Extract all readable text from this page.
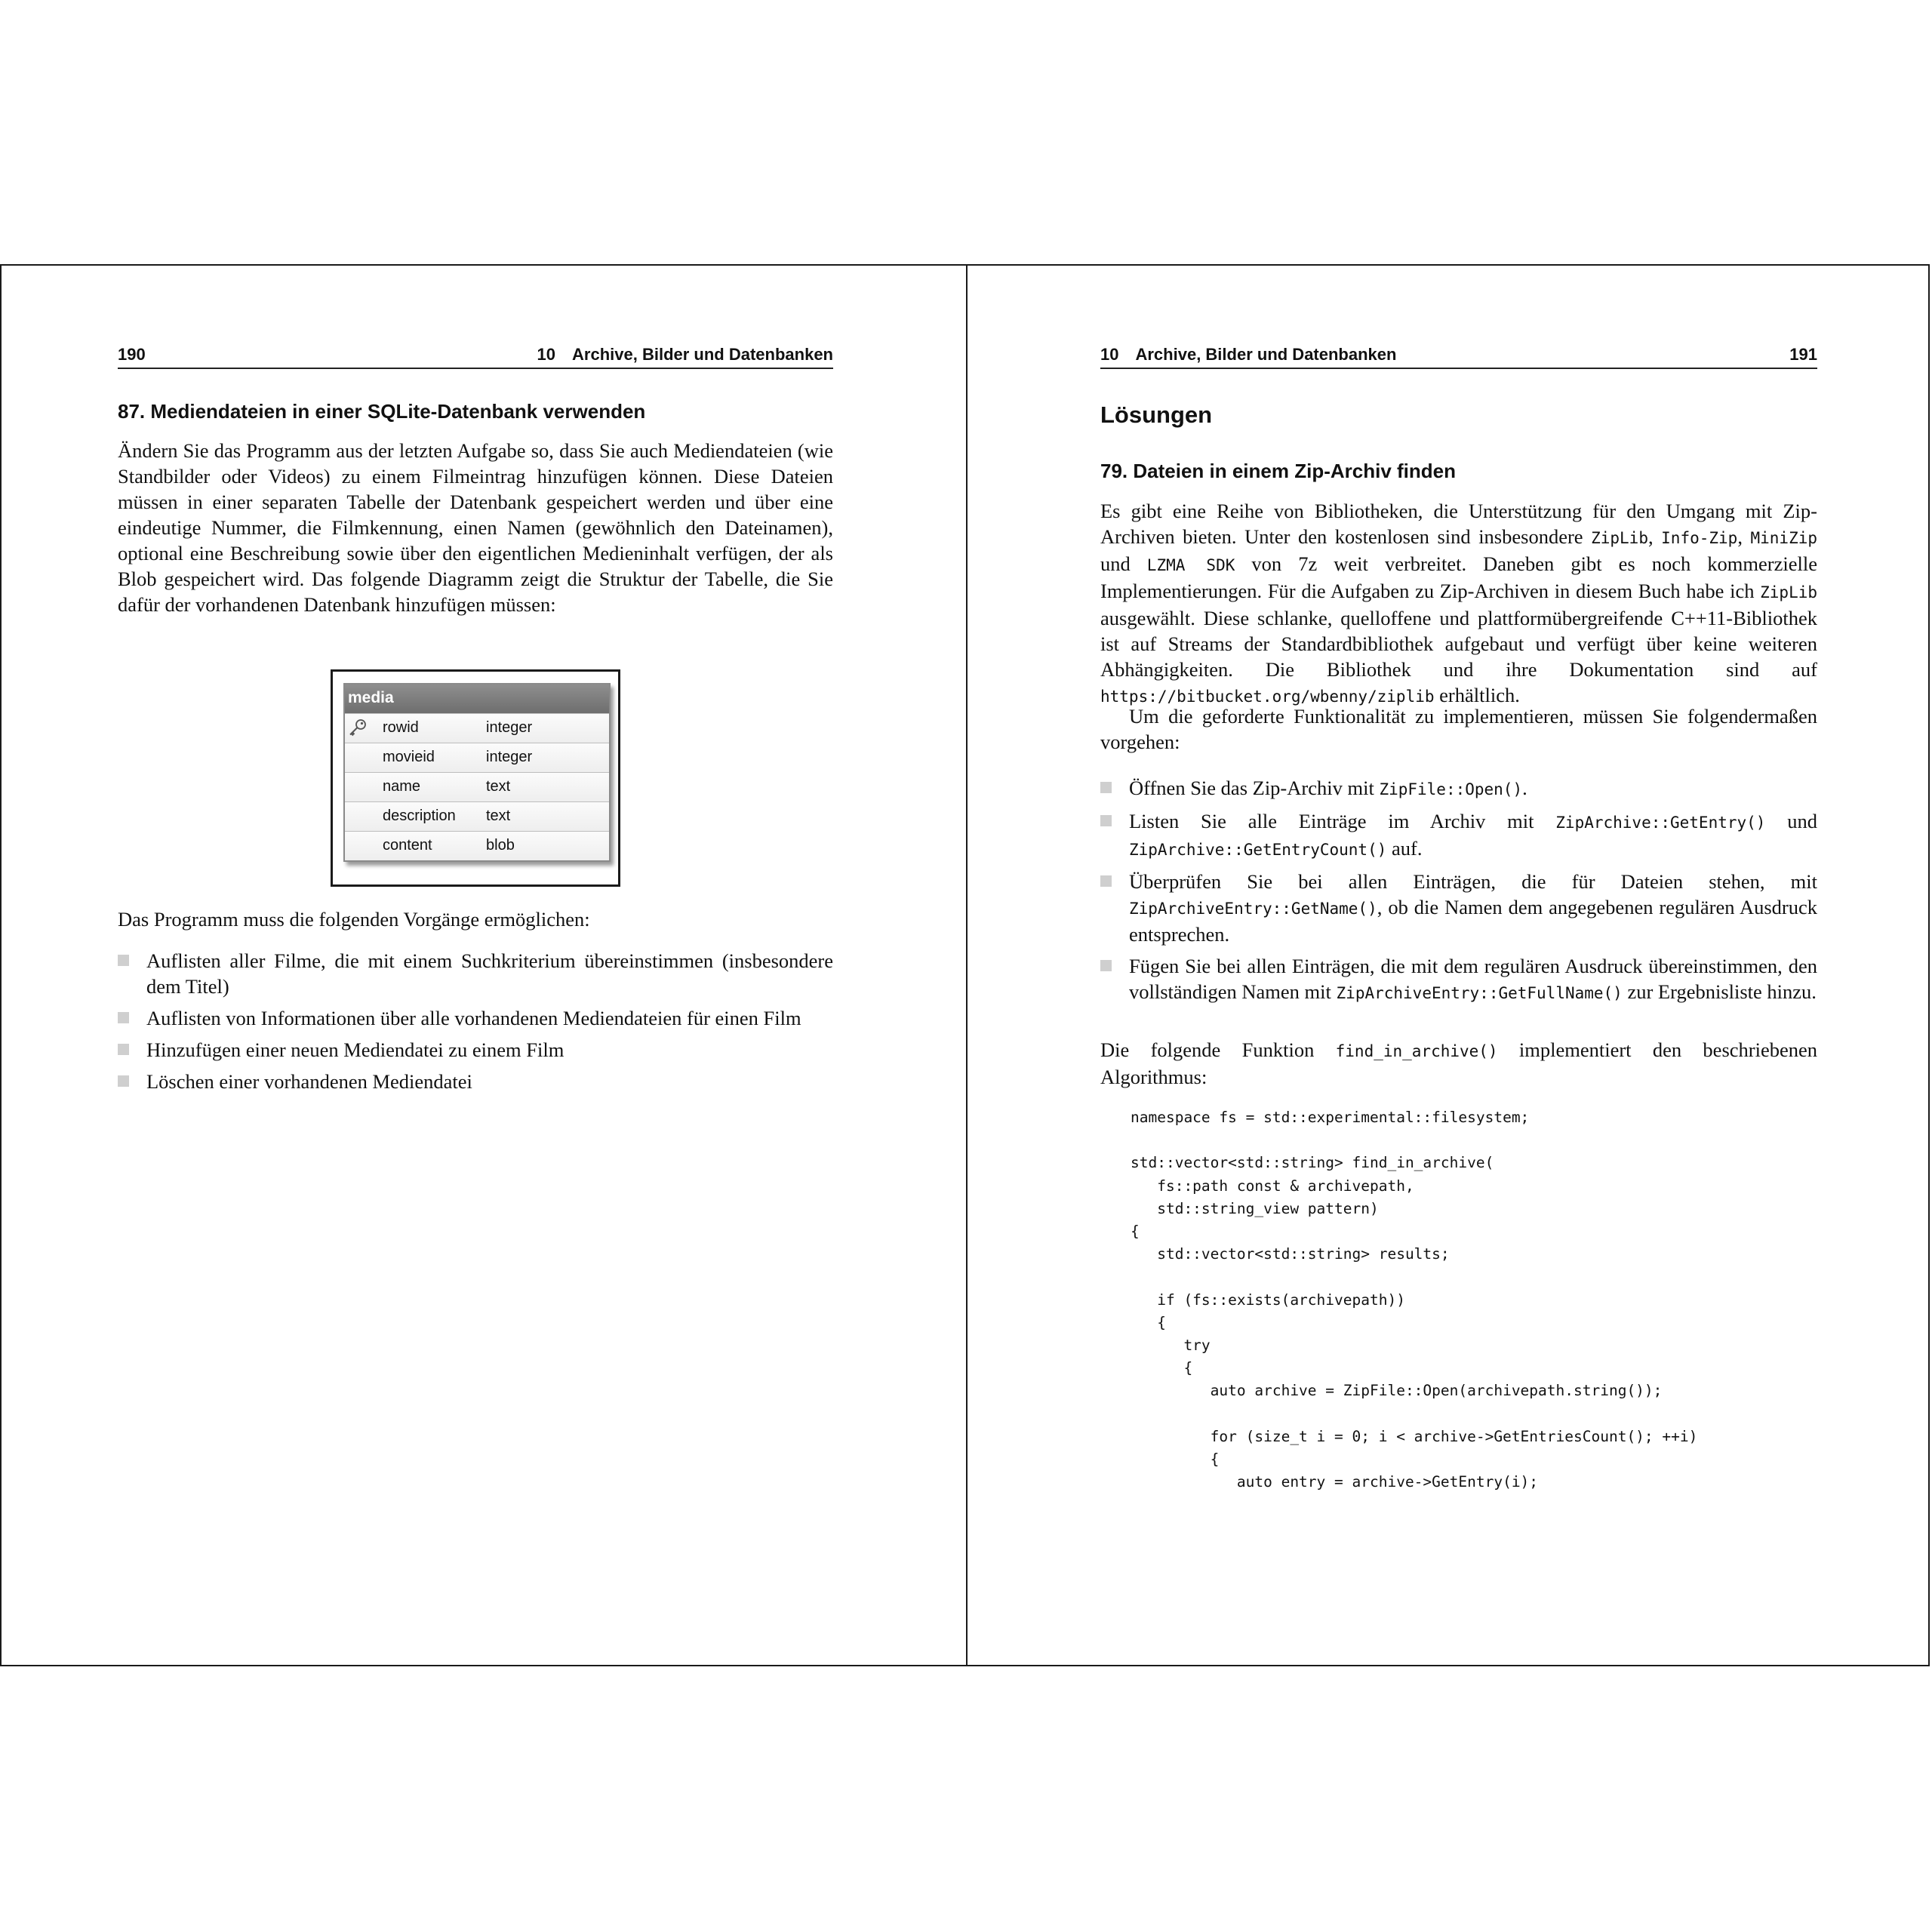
190	10 Archive, Bilder und Datenbanken
87. Mediendateien in einer SQLite-Datenbank verwenden

Ändern Sie das Programm aus der letzten Aufgabe so, dass Sie auch Mediendateien (wie Standbilder oder Videos) zu einem Filmeintrag hinzufügen können. Diese Dateien müssen in einer separaten Tabelle der Datenbank gespeichert werden und über eine eindeutige Nummer, die Filmkennung, einen Namen (gewöhnlich den Dateinamen), optional eine Beschreibung sowie über den eigentlichen Medieninhalt verfügen, der als Blob gespeichert wird. Das folgende Diagramm zeigt die Struktur der Tabelle, die Sie dafür der vorhandenen Datenbank hinzufügen müssen:

media
rowid	integer
movieid	integer
name	text
description text
content	blob

Das Programm muss die folgenden Vorgänge ermöglichen:

Auflisten aller Filme, die mit einem Suchkriterium übereinstimmen (insbesondere dem Titel)
Auflisten von Informationen über alle vorhandenen Mediendateien für einen Film
Hinzufügen einer neuen Mediendatei zu einem Film
Löschen einer vorhandenen Mediendatei
10 Archive, Bilder und Datenbanken	191
Lösungen
79. Dateien in einem Zip-Archiv finden

Es gibt eine Reihe von Bibliotheken, die Unterstützung für den Umgang mit Zip-Archiven bieten. Unter den kostenlosen sind insbesondere ZipLib, Info-Zip, MiniZip und LZMA SDK von 7z weit verbreitet. Daneben gibt es noch kommerzielle Implementierungen. Für die Aufgaben zu Zip-Archiven in diesem Buch habe ich ZipLib ausgewählt. Diese schlanke, quelloffene und plattformübergreifende C++11-Bibliothek ist auf Streams der Standardbibliothek aufgebaut und verfügt über keine weiteren Abhängigkeiten. Die Bibliothek und ihre Dokumentation sind auf https://bitbucket.org/wbenny/ziplib erhältlich.

Um die geforderte Funktionalität zu implementieren, müssen Sie folgendermaßen vorgehen:

Öffnen Sie das Zip-Archiv mit ZipFile::Open().
Listen Sie alle Einträge im Archiv mit ZipArchive::GetEntry() und ZipArchive::GetEntryCount() auf.
Überprüfen Sie bei allen Einträgen, die für Dateien stehen, mit ZipArchiveEntry::GetName(), ob die Namen dem angegebenen regulären Ausdruck entsprechen.
Fügen Sie bei allen Einträgen, die mit dem regulären Ausdruck übereinstimmen, den vollständigen Namen mit ZipArchiveEntry::GetFullName() zur Ergebnisliste hinzu.

Die folgende Funktion find_in_archive() implementiert den beschriebenen Algorithmus:

namespace fs = std::experimental::filesystem;

std::vector<std::string> find_in_archive(
fs::path const & archivepath,
std::string_view pattern)
{
std::vector<std::string> results;

if (fs::exists(archivepath))
{
try
{
auto archive = ZipFile::Open(archivepath.string());

for (size_t i = 0; i < archive->GetEntriesCount(); ++i)
{
auto entry = archive->GetEntry(i);
